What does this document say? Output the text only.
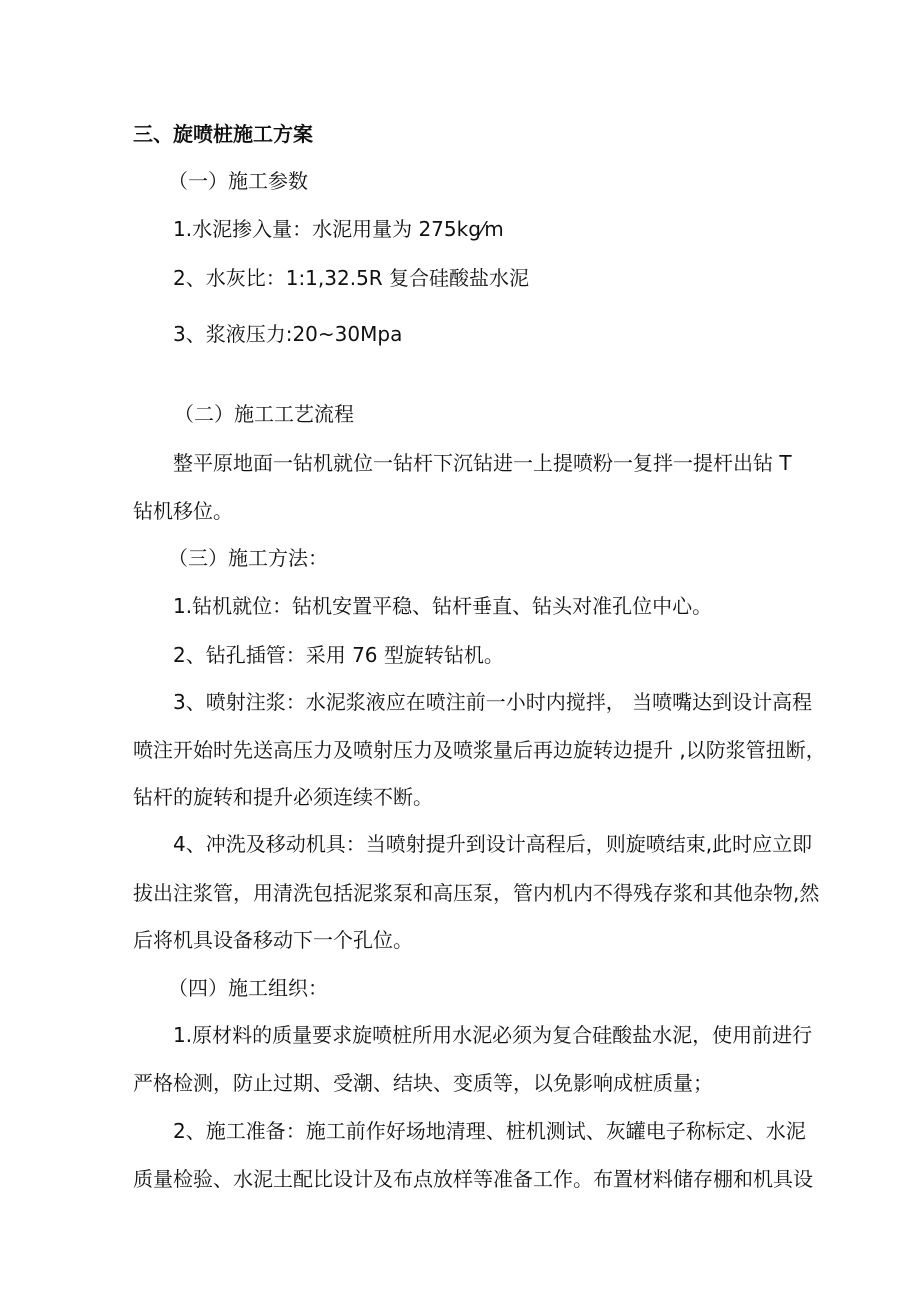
三、旋喷桩施工方案

（一）施工参数

1.水泥掺入量：水泥用量为 275kg⁄m

2、水灰比：1:1,32.5R 复合硅酸盐水泥

3、浆液压力:20~30Mpa

（二）施工工艺流程

整平原地面一钻机就位一钻杆下沉钻进一上提喷粉一复拌一提杆出钻 T

钻机移位。

（三）施工方法：

1.钻机就位：钻机安置平稳、钻杆垂直、钻头对准孔位中心。

2、钻孔插管：采用 76 型旋转钻机。

3、喷射注浆：水泥浆液应在喷注前一小时内搅拌， 当喷嘴达到设计高程

喷注开始时先送高压力及喷射压力及喷浆量后再边旋转边提升 ,以防浆管扭断，

钻杆的旋转和提升必须连续不断。

4、冲洗及移动机具：当喷射提升到设计高程后，则旋喷结束,此时应立即

拔出注浆管，用清洗包括泥浆泵和高压泵，管内机内不得残存浆和其他杂物,然

后将机具设备移动下一个孔位。

（四）施工组织：

1.原材料的质量要求旋喷桩所用水泥必须为复合硅酸盐水泥，使用前进行

严格检测，防止过期、受潮、结块、变质等，以免影响成桩质量；

2、施工准备：施工前作好场地清理、桩机测试、灰罐电子称标定、水泥

质量检验、水泥土配比设计及布点放样等准备工作。布置材料储存棚和机具设
